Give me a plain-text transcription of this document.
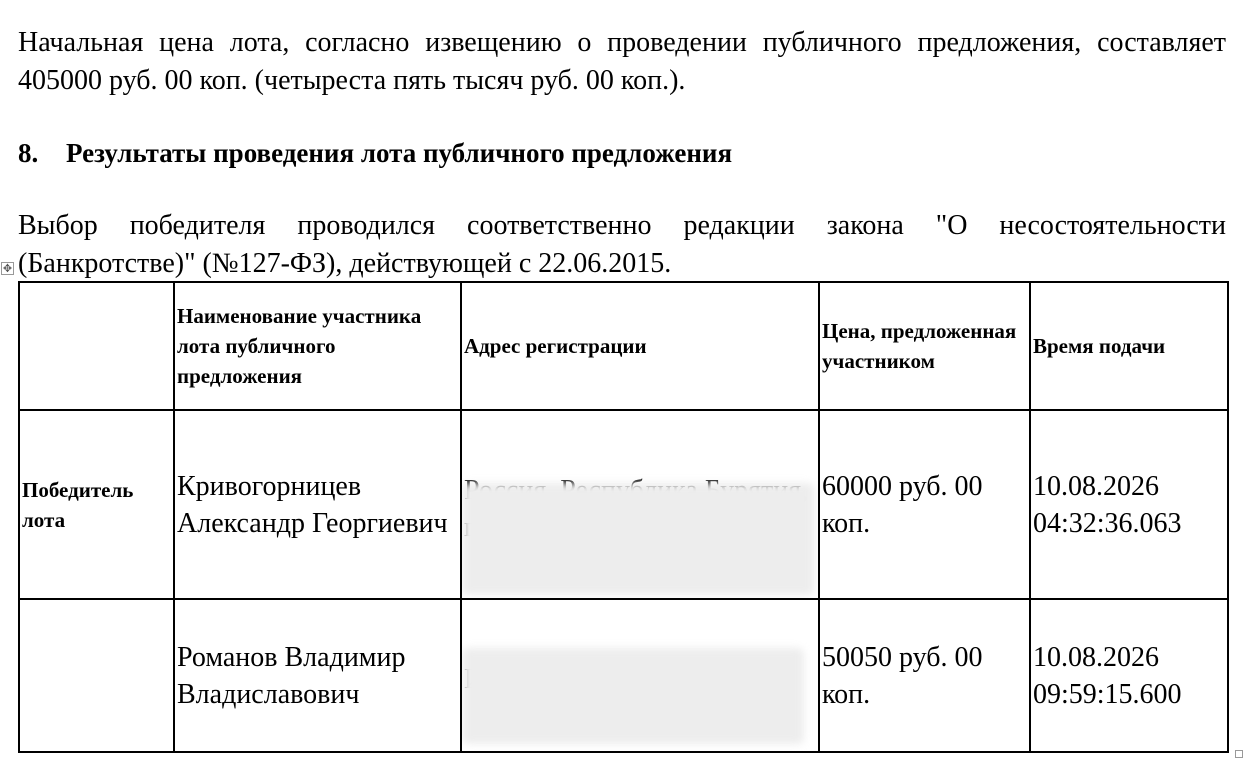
Начальная цена лота, согласно извещению о проведении публичного предложения, составляет 405000 руб. 00 коп. (четыреста пять тысяч руб. 00 коп.).
8. Результаты проведения лота публичного предложения
Выбор победителя проводился соответственно редакции закона "О несостоятельности (Банкротстве)" (№127-ФЗ), действующей с 22.06.2015.
✥
	Наименование участника лота публичного предложения	Адрес регистрации	Цена, предложенная участником	Время подачи
Победитель лота	Кривогорницев Александр Георгиевич		60000 руб. 00 коп.	10.08.2026 04:32:36.063
	Романов Владимир Владиславович		50050 руб. 00 коп.	10.08.2026 09:59:15.600
